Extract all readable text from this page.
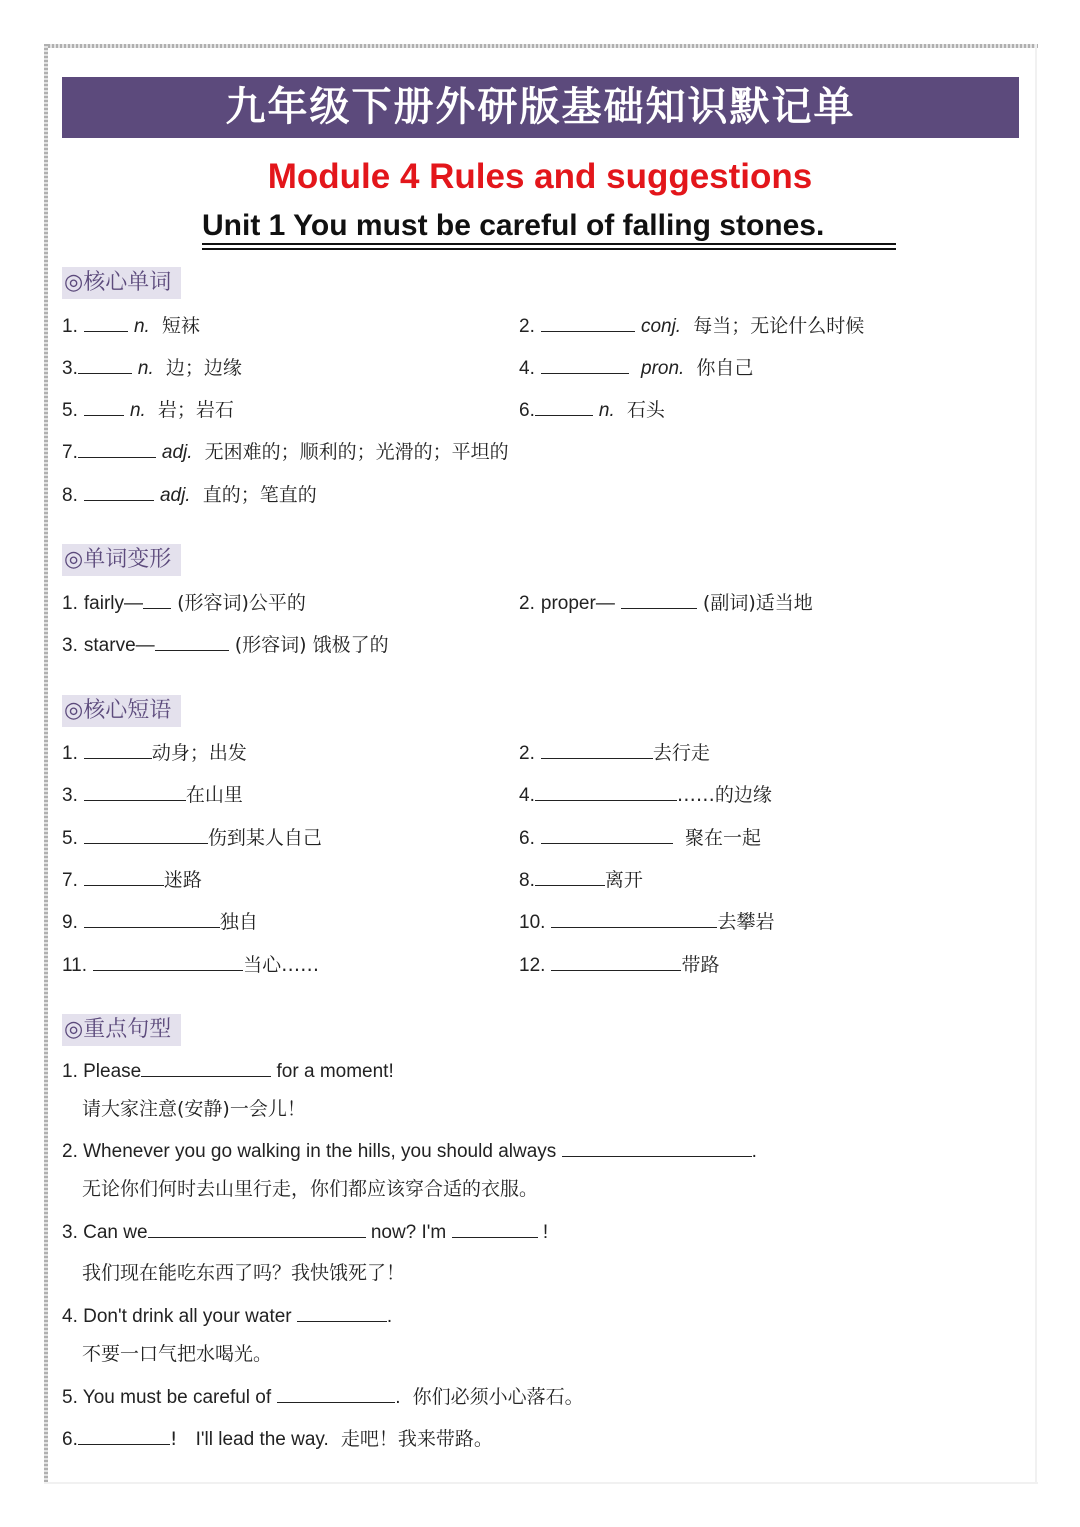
九年级下册外研版基础知识默记单
Module 4 Rules and suggestions
Unit 1 You must be careful of falling stones.
◎核心单词
1.	n. 短袜	2.	conj. 每当；无论什么时候
3.	n. 边；边缘	4.	pron. 你自己
5.	n. 岩；岩石	6.	n. 石头
7.	adj. 无困难的；顺利的；光滑的；平坦的
8.	adj. 直的；笔直的
◎单词变形
1. fairly— (形容词)公平的	2. proper—	(副词)适当地
3. starve—	(形容词) 饿极了的
◎核心短语
1.	动身；出发	2.	去行走
3.	在山里	4.	……的边缘
5.	伤到某人自己	6.	聚在一起
7.	迷路	8.	离开
9.	独自	10.	去攀岩
11.	当心……	12.	带路
◎重点句型
1. Please	for a moment!
请大家注意(安静)一会儿！
2. Whenever you go walking in the hills, you should always	.
无论你们何时去山里行走，你们都应该穿合适的衣服。
3. Can we	now? I'm	!
我们现在能吃东西了吗？我快饿死了！
4. Don't drink all your water	.
不要一口气把水喝光。
5. You must be careful of	. 你们必须小心落石。
6.	! I'll lead the way. 走吧！我来带路。
